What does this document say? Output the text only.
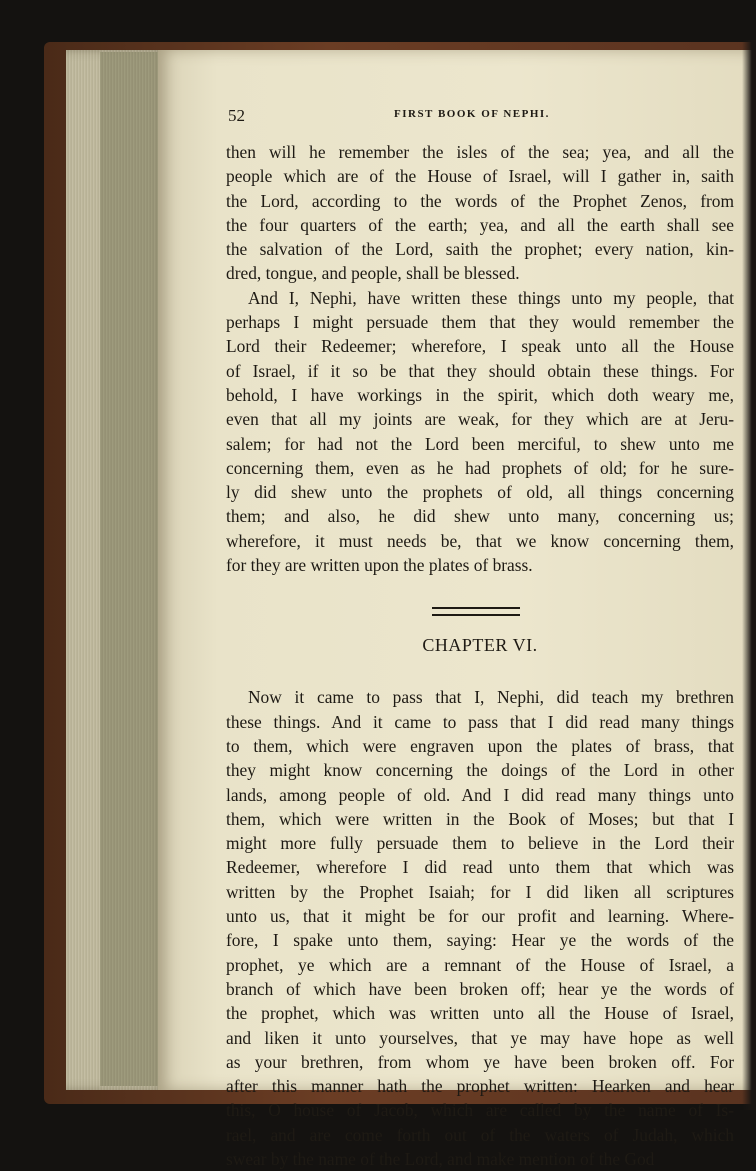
52	FIRST BOOK OF NEPHI.

then will he remember the isles of the sea; yea, and all the
people which are of the House of Israel, will I gather in, saith
the Lord, according to the words of the Prophet Zenos, from
the four quarters of the earth; yea, and all the earth shall see
the salvation of the Lord, saith the prophet; every nation, kin-
dred, tongue, and people, shall be blessed.

And I, Nephi, have written these things unto my people, that
perhaps I might persuade them that they would remember the
Lord their Redeemer; wherefore, I speak unto all the House
of Israel, if it so be that they should obtain these things. For
behold, I have workings in the spirit, which doth weary me,
even that all my joints are weak, for they which are at Jeru-
salem; for had not the Lord been merciful, to shew unto me
concerning them, even as he had prophets of old; for he sure-
ly did shew unto the prophets of old, all things concerning
them; and also, he did shew unto many, concerning us;
wherefore, it must needs be, that we know concerning them,
for they are written upon the plates of brass.

CHAPTER VI.

Now it came to pass that I, Nephi, did teach my brethren
these things. And it came to pass that I did read many things
to them, which were engraven upon the plates of brass, that
they might know concerning the doings of the Lord in other
lands, among people of old. And I did read many things unto
them, which were written in the Book of Moses; but that I
might more fully persuade them to believe in the Lord their
Redeemer, wherefore I did read unto them that which was
written by the Prophet Isaiah; for I did liken all scriptures
unto us, that it might be for our profit and learning. Where-
fore, I spake unto them, saying: Hear ye the words of the
prophet, ye which are a remnant of the House of Israel, a
branch of which have been broken off; hear ye the words of
the prophet, which was written unto all the House of Israel,
and liken it unto yourselves, that ye may have hope as well
as your brethren, from whom ye have been broken off. For
after this manner hath the prophet written: Hearken and hear
this, O house of Jacob, which are called by the name of Is-
rael, and are come forth out of the waters of Judah, which
swear by the name of the Lord, and make mention of the God
